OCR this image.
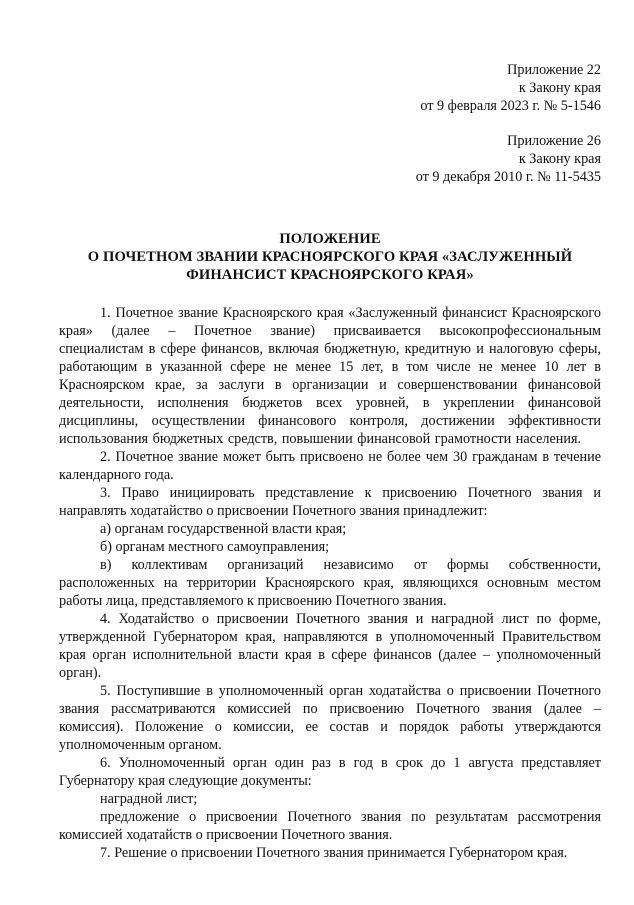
Приложение 22
к Закону края
от 9 февраля 2023 г. № 5-1546
Приложение 26
к Закону края
от 9 декабря 2010 г. № 11-5435
ПОЛОЖЕНИЕ
О ПОЧЕТНОМ ЗВАНИИ КРАСНОЯРСКОГО КРАЯ «ЗАСЛУЖЕННЫЙ
ФИНАНСИСТ КРАСНОЯРСКОГО КРАЯ»

1. Почетное звание Красноярского края «Заслуженный финансист Красноярского края» (далее – Почетное звание) присваивается высокопрофессиональным специалистам в сфере финансов, включая бюджетную, кредитную и налоговую сферы, работающим в указанной сфере не менее 15 лет, в том числе не менее 10 лет в Красноярском крае, за заслуги в организации и совершенствовании финансовой деятельности, исполнения бюджетов всех уровней, в укреплении финансовой дисциплины, осуществлении финансового контроля, достижении эффективности использования бюджетных средств, повышении финансовой грамотности населения.

2. Почетное звание может быть присвоено не более чем 30 гражданам в течение календарного года.

3. Право инициировать представление к присвоению Почетного звания и направлять ходатайство о присвоении Почетного звания принадлежит:

а) органам государственной власти края;

б) органам местного самоуправления;

в) коллективам организаций независимо от формы собственности, расположенных на территории Красноярского края, являющихся основным местом работы лица, представляемого к присвоению Почетного звания.

4. Ходатайство о присвоении Почетного звания и наградной лист по форме, утвержденной Губернатором края, направляются в уполномоченный Правительством края орган исполнительной власти края в сфере финансов (далее – уполномоченный орган).

5. Поступившие в уполномоченный орган ходатайства о присвоении Почетного звания рассматриваются комиссией по присвоению Почетного звания (далее – комиссия). Положение о комиссии, ее состав и порядок работы утверждаются уполномоченным органом.

6. Уполномоченный орган один раз в год в срок до 1 августа представляет Губернатору края следующие документы:

наградной лист;

предложение о присвоении Почетного звания по результатам рассмотрения комиссией ходатайств о присвоении Почетного звания.

7. Решение о присвоении Почетного звания принимается Губернатором края.
